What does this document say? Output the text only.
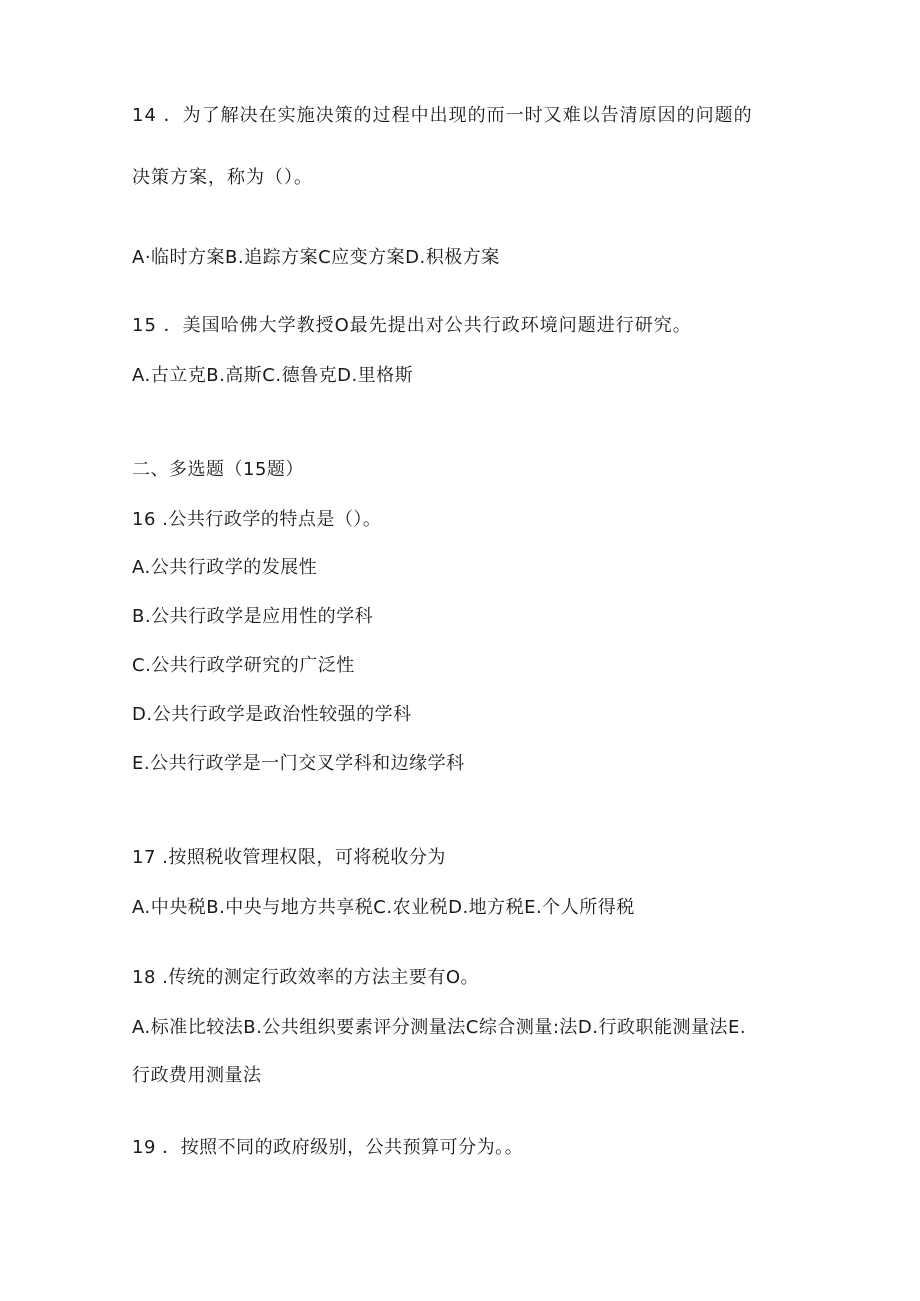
14 ．为了解决在实施决策的过程中出现的而一时又难以告清原因的问题的
决策方案，称为（）。
A·临时方案B.追踪方案C应变方案D.积极方案
15 ．美国哈佛大学教授O最先提出对公共行政环境问题进行研究。
A.古立克B.高斯C.德鲁克D.里格斯
二、多选题（15题）
16 .公共行政学的特点是（）。
A.公共行政学的发展性
B.公共行政学是应用性的学科
C.公共行政学研究的广泛性
D.公共行政学是政治性较强的学科
E.公共行政学是一门交叉学科和边缘学科
17 .按照税收管理权限，可将税收分为
A.中央税B.中央与地方共享税C.农业税D.地方税E.个人所得税
18 .传统的测定行政效率的方法主要有O。
A.标准比较法B.公共组织要素评分测量法C综合测量:法D.行政职能测量法E.
行政费用测量法
19 ．按照不同的政府级别，公共预算可分为。。
